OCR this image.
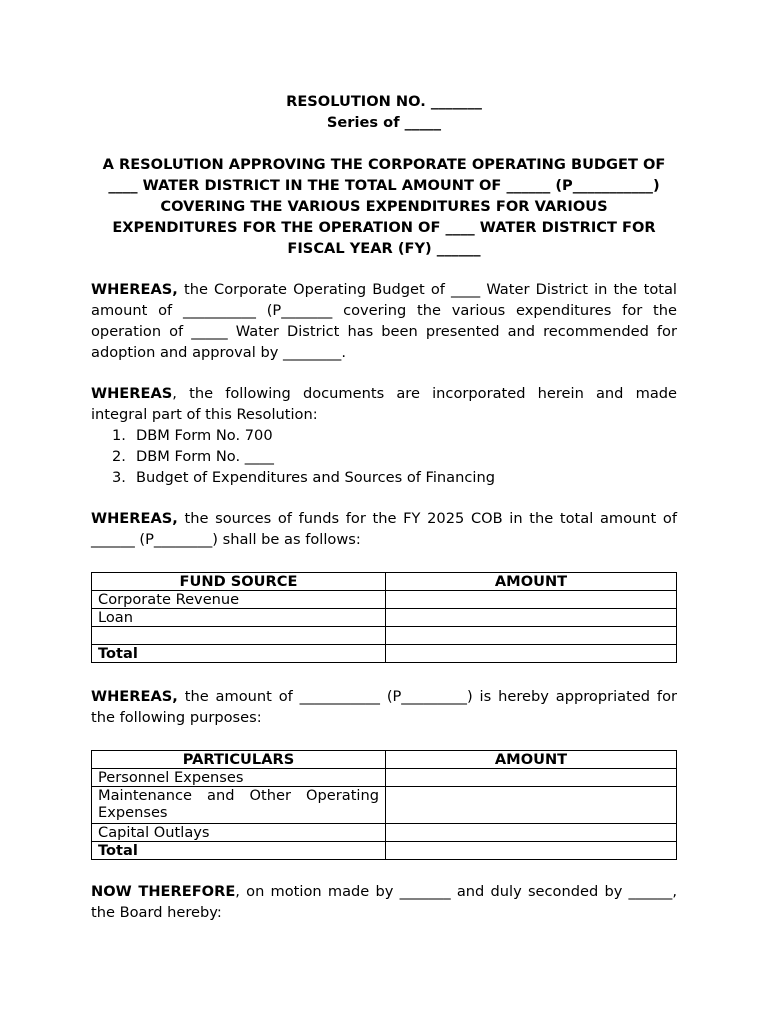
RESOLUTION NO. _______
Series of _____
A RESOLUTION APPROVING THE CORPORATE OPERATING BUDGET OF
____ WATER DISTRICT IN THE TOTAL AMOUNT OF ______ (P___________)
COVERING THE VARIOUS EXPENDITURES FOR VARIOUS
EXPENDITURES FOR THE OPERATION OF ____ WATER DISTRICT FOR
FISCAL YEAR (FY) ______
WHEREAS, the Corporate Operating Budget of ____ Water District in the total amount of __________ (P_______ covering the various expenditures for the operation of _____ Water District has been presented and recommended for adoption and approval by ________.
WHEREAS, the following documents are incorporated herein and made integral part of this Resolution:
1. DBM Form No. 700
2. DBM Form No. ____
3. Budget of Expenditures and Sources of Financing
WHEREAS, the sources of funds for the FY 2025 COB in the total amount of ______ (P________) shall be as follows:
FUND SOURCE	AMOUNT
Corporate Revenue	
Loan	

Total	
WHEREAS, the amount of ___________ (P_________) is hereby appropriated for the following purposes:
PARTICULARS	AMOUNT
Personnel Expenses	
Maintenance and Other Operating Expenses	
Capital Outlays	
Total	
NOW THEREFORE, on motion made by _______ and duly seconded by ______, the Board hereby:
